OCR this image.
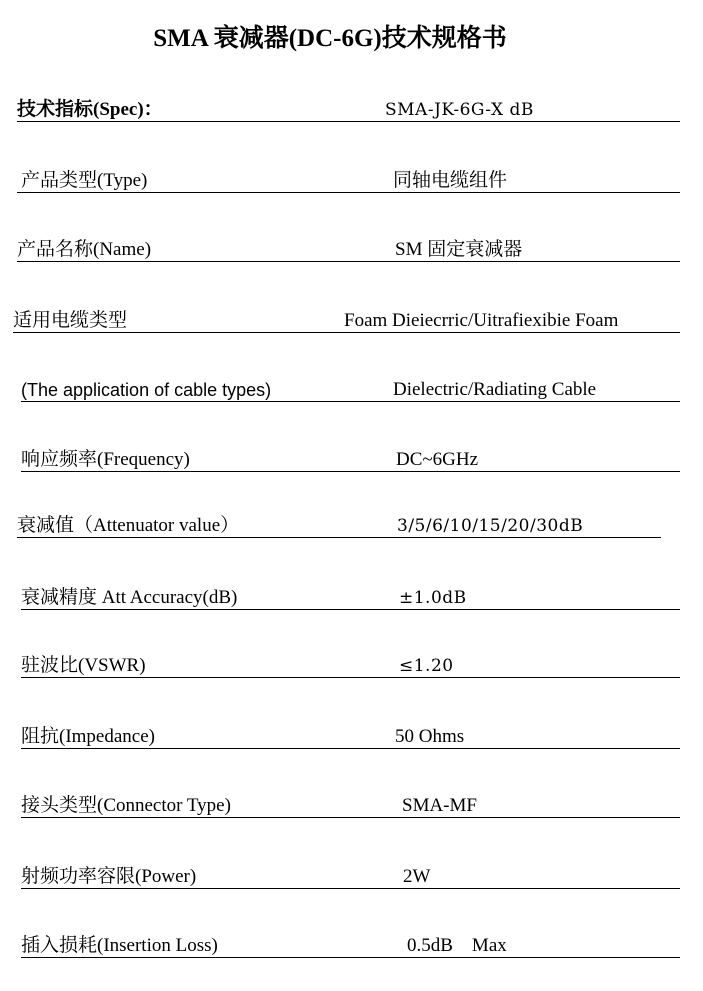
SMA 衰减器(DC-6G)技术规格书
技术指标(Spec)：	SMA-JK-6G-X dB
产品类型(Type)	同轴电缆组件
产品名称(Name)	SM 固定衰减器
适用电缆类型	Foam Dieiecrric/Uitrafiexibie Foam
(The application of cable types)	Dielectric/Radiating Cable
响应频率(Frequency)	DC~6GHz
衰减值（Attenuator value）	3/5/6/10/15/20/30dB
衰减精度 Att Accuracy(dB)	±1.0dB
驻波比(VSWR)	≤1.20
阻抗(Impedance)	50 Ohms
接头类型(Connector Type)	SMA-MF
射频功率容限(Power)	2W
插入损耗(Insertion Loss)	0.5dB    Max
